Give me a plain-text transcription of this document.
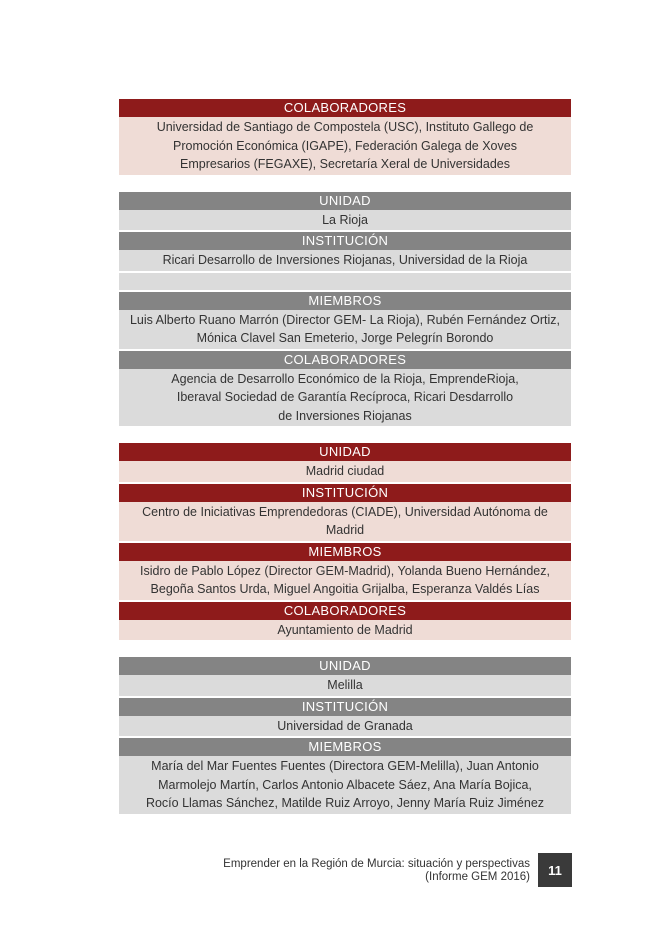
COLABORADORES
Universidad de Santiago de Compostela (USC), Instituto Gallego de
Promoción Económica (IGAPE), Federación Galega de Xoves
Empresarios (FEGAXE), Secretaría Xeral de Universidades
UNIDAD
La Rioja
INSTITUCIÓN
Ricari Desarrollo de Inversiones Riojanas, Universidad de la Rioja
MIEMBROS
Luis Alberto Ruano Marrón (Director GEM- La Rioja), Rubén Fernández Ortiz,
Mónica Clavel San Emeterio, Jorge Pelegrín Borondo
COLABORADORES
Agencia de Desarrollo Económico de la Rioja, EmprendeRioja,
Iberaval Sociedad de Garantía Recíproca, Ricari Desdarrollo
de Inversiones Riojanas
UNIDAD
Madrid ciudad
INSTITUCIÓN
Centro de Iniciativas Emprendedoras (CIADE), Universidad Autónoma de Madrid
MIEMBROS
Isidro de Pablo López (Director GEM-Madrid), Yolanda Bueno Hernández,
Begoña Santos Urda, Miguel Angoitia Grijalba, Esperanza Valdés Lías
COLABORADORES
Ayuntamiento de Madrid
UNIDAD
Melilla
INSTITUCIÓN
Universidad de Granada
MIEMBROS
María del Mar Fuentes Fuentes (Directora GEM-Melilla), Juan Antonio
Marmolejo Martín, Carlos Antonio Albacete Sáez, Ana María Bojica,
Rocío Llamas Sánchez, Matilde Ruiz Arroyo, Jenny María Ruiz Jiménez
Emprender en la Región de Murcia: situación y perspectivas
(Informe GEM 2016)	11
